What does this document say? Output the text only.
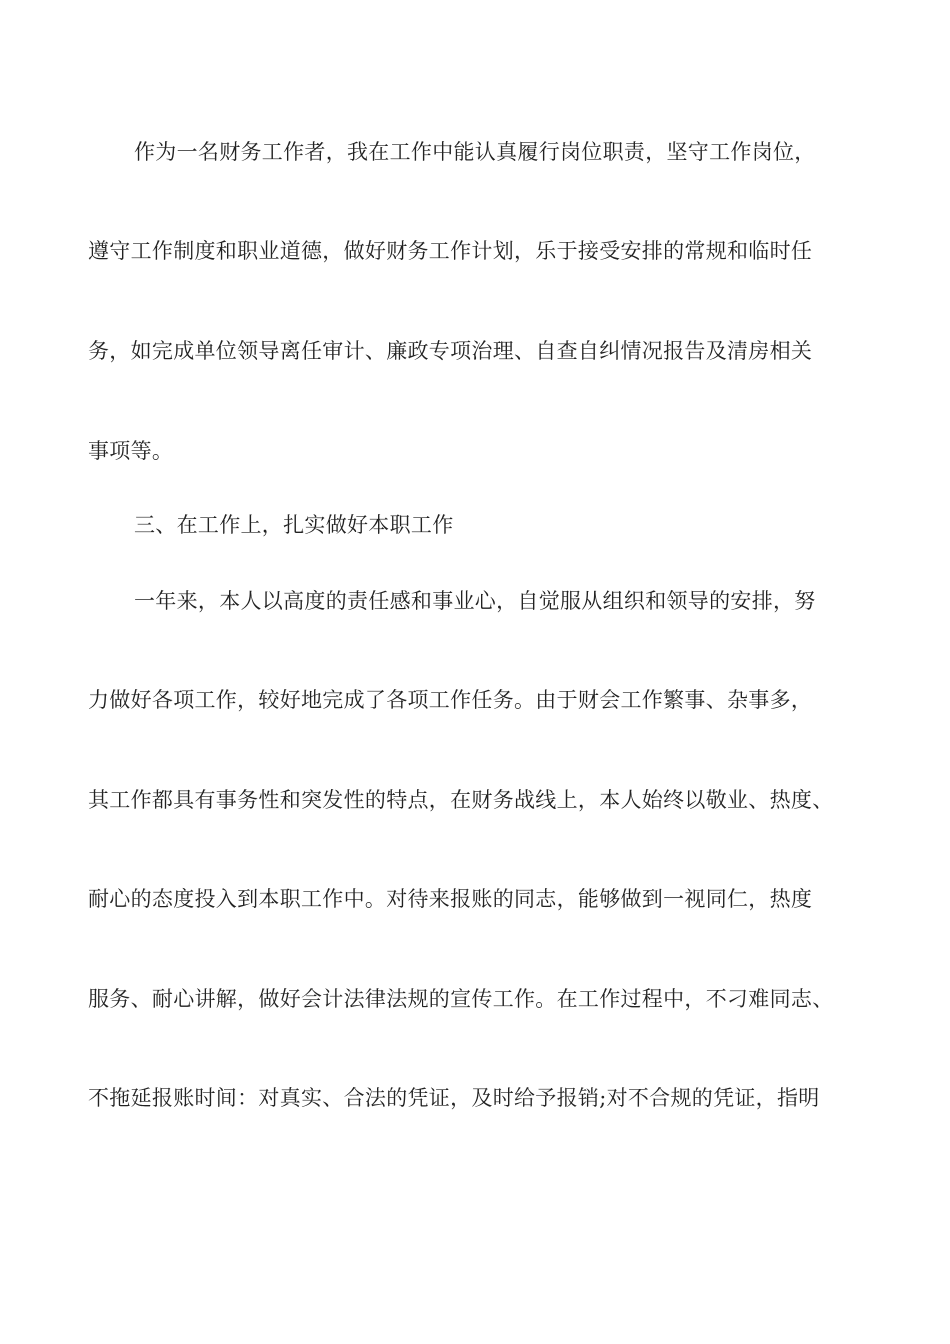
作为一名财务工作者，我在工作中能认真履行岗位职责，坚守工作岗位，
遵守工作制度和职业道德，做好财务工作计划，乐于接受安排的常规和临时任
务，如完成单位领导离任审计、廉政专项治理、自查自纠情况报告及清房相关
事项等。
三、在工作上，扎实做好本职工作
一年来，本人以高度的责任感和事业心，自觉服从组织和领导的安排，努
力做好各项工作，较好地完成了各项工作任务。由于财会工作繁事、杂事多，
其工作都具有事务性和突发性的特点，在财务战线上，本人始终以敬业、热度、
耐心的态度投入到本职工作中。对待来报账的同志，能够做到一视同仁，热度
服务、耐心讲解，做好会计法律法规的宣传工作。在工作过程中，不刁难同志、
不拖延报账时间：对真实、合法的凭证，及时给予报销;对不合规的凭证，指明
